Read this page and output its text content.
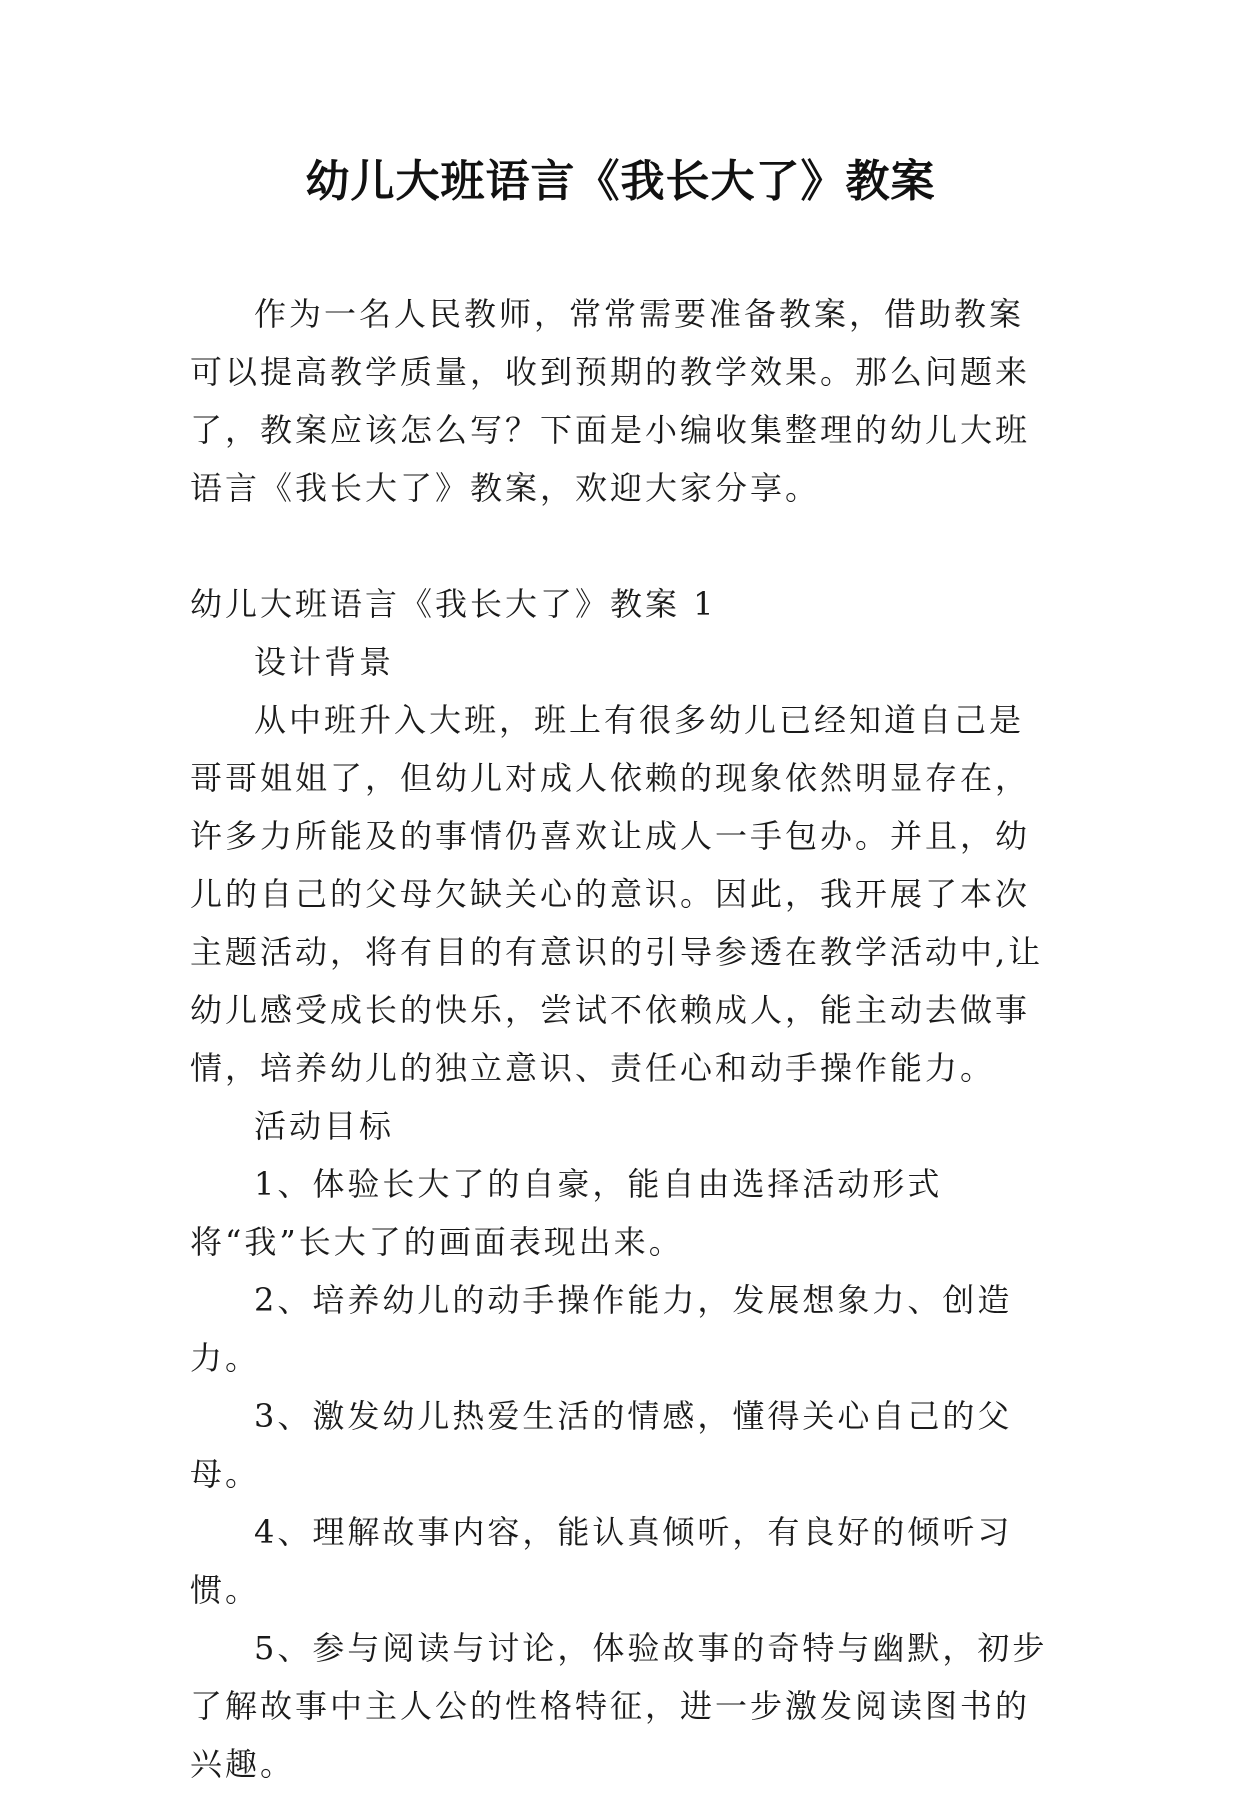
幼儿大班语言《我长大了》教案

作为一名人民教师，常常需要准备教案，借助教案可以提高教学质量，收到预期的教学效果。那么问题来了，教案应该怎么写？下面是小编收集整理的幼儿大班语言《我长大了》教案，欢迎大家分享。

幼儿大班语言《我长大了》教案 1

设计背景

从中班升入大班，班上有很多幼儿已经知道自己是哥哥姐姐了，但幼儿对成人依赖的现象依然明显存在，许多力所能及的事情仍喜欢让成人一手包办。并且，幼儿的自己的父母欠缺关心的意识。因此，我开展了本次主题活动，将有目的有意识的引导参透在教学活动中,让幼儿感受成长的快乐，尝试不依赖成人，能主动去做事情，培养幼儿的独立意识、责任心和动手操作能力。

活动目标

1、体验长大了的自豪，能自由选择活动形式将“我”长大了的画面表现出来。

2、培养幼儿的动手操作能力，发展想象力、创造力。

3、激发幼儿热爱生活的情感，懂得关心自己的父母。

4、理解故事内容，能认真倾听，有良好的倾听习惯。

5、参与阅读与讨论，体验故事的奇特与幽默，初步了解故事中主人公的性格特征，进一步激发阅读图书的兴趣。
